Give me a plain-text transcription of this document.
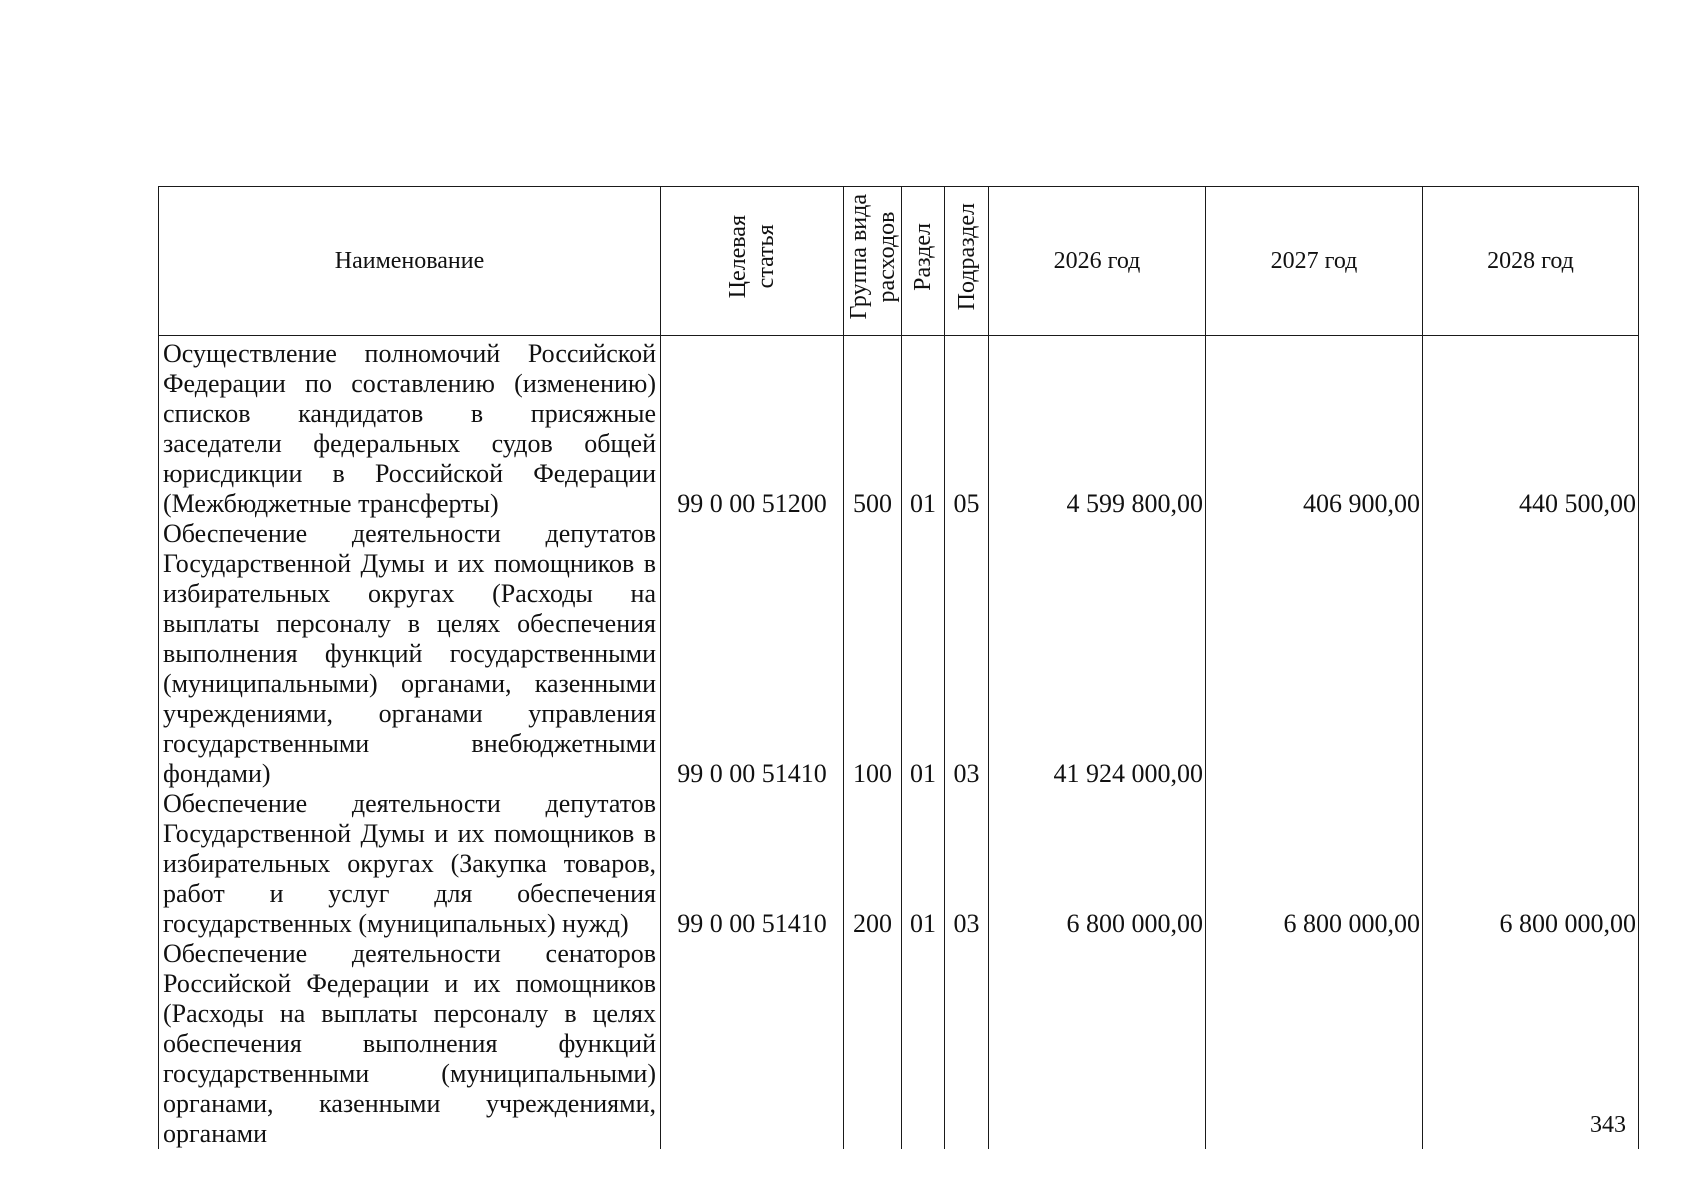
Наименование	Целевая статья	Группа вида расходов	Раздел	Подраздел	2026 год	2027 год	2028 год
Осуществление полномочий Российской Федерации по составлению (изменению) списков кандидатов в присяжные заседатели федеральных судов общей юрисдикции в Российской Федерации (Межбюджетные трансферты)	99 0 00 51200	500	01	05	4 599 800,00	406 900,00	440 500,00
Обеспечение деятельности депутатов Государственной Думы и их помощников в избирательных округах (Расходы на выплаты персоналу в целях обеспечения выполнения функций государственными (муниципальными) органами, казенными учреждениями, органами управления государственными внебюджетными фондами)	99 0 00 51410	100	01	03	41 924 000,00		
Обеспечение деятельности депутатов Государственной Думы и их помощников в избирательных округах (Закупка товаров, работ и услуг для обеспечения государственных (муниципальных) нужд)	99 0 00 51410	200	01	03	6 800 000,00	6 800 000,00	6 800 000,00
Обеспечение деятельности сенаторов Российской Федерации и их помощников (Расходы на выплаты персоналу в целях обеспечения выполнения функций государственными (муниципальными) органами, казенными учреждениями, органами								343
